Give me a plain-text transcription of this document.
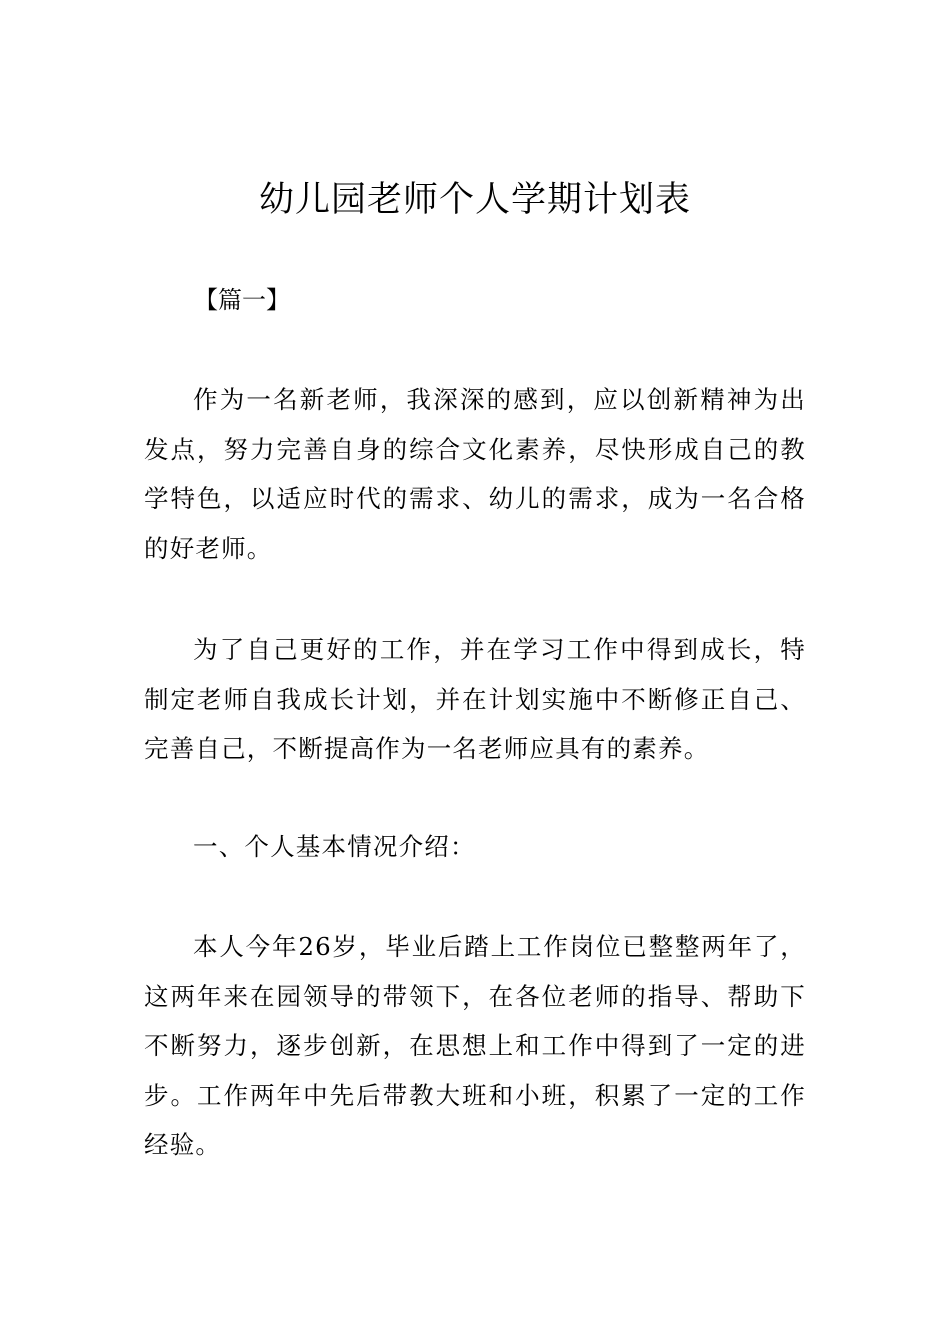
幼儿园老师个人学期计划表
【篇一】

作为一名新老师，我深深的感到，应以创新精神为出发点，努力完善自身的综合文化素养，尽快形成自己的教学特色，以适应时代的需求、幼儿的需求，成为一名合格的好老师。

为了自己更好的工作，并在学习工作中得到成长，特制定老师自我成长计划，并在计划实施中不断修正自己、完善自己，不断提高作为一名老师应具有的素养。

一、个人基本情况介绍：

本人今年26岁，毕业后踏上工作岗位已整整两年了，这两年来在园领导的带领下，在各位老师的指导、帮助下不断努力，逐步创新，在思想上和工作中得到了一定的进步。工作两年中先后带教大班和小班，积累了一定的工作经验。
